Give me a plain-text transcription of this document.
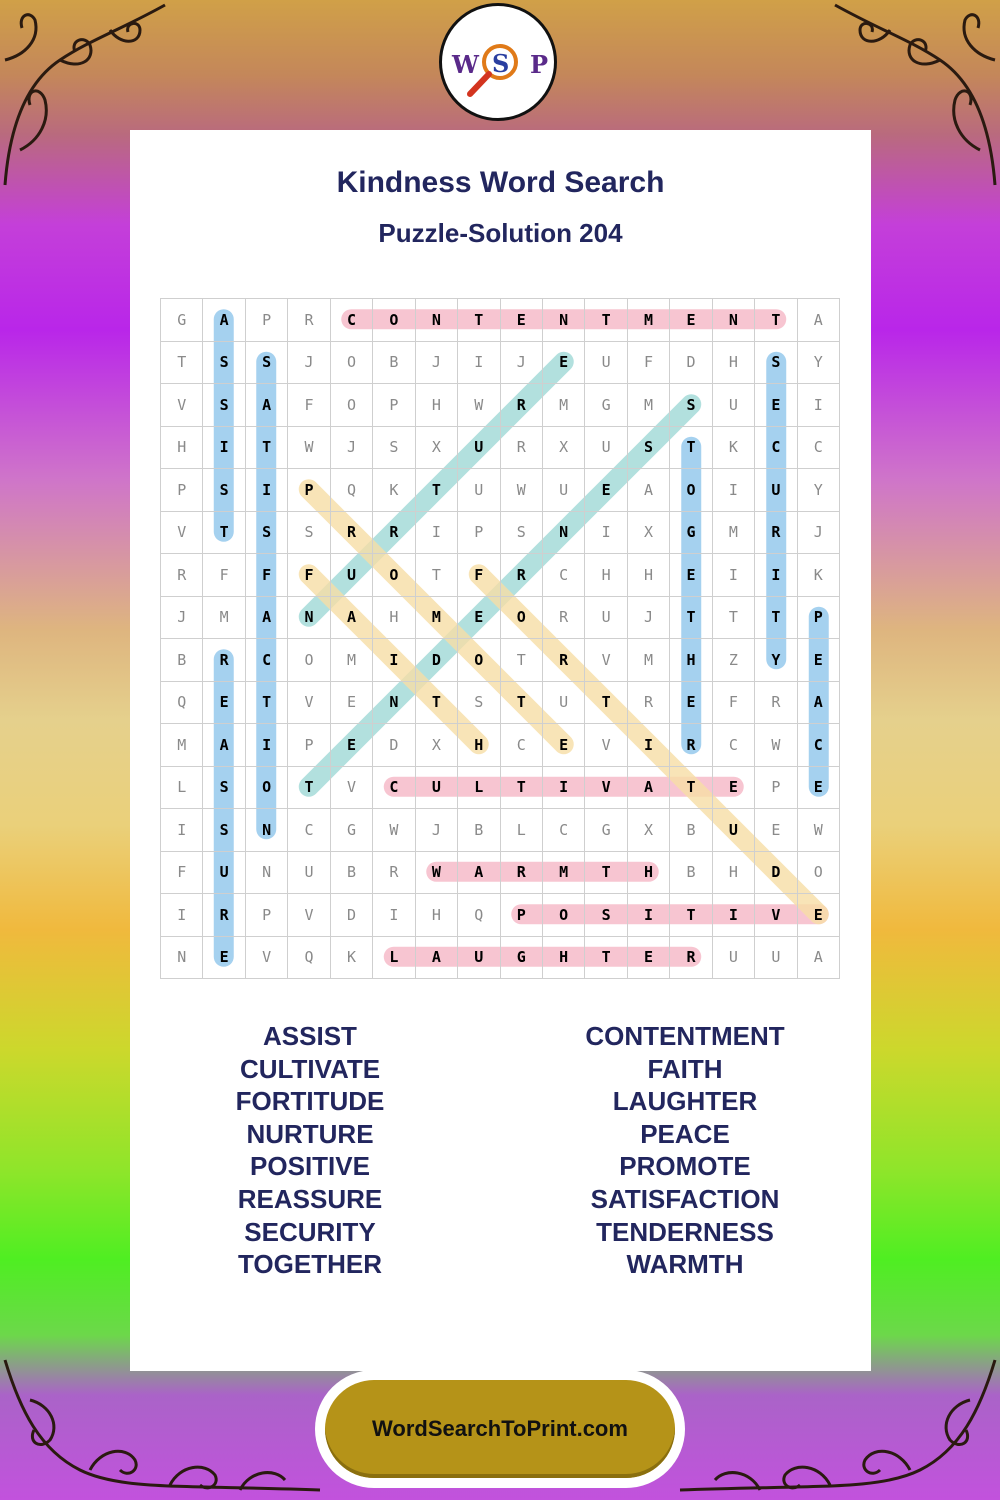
W S P
Kindness Word Search
Puzzle-Solution 204
G	A	P	R	C	O	N	T	E	N	T	M	E	N	T	A
T	S	S	J	O	B	J	I	J	E	U	F	D	H	S	Y
V	S	A	F	O	P	H	W	R	M	G	M	S	U	E	I
H	I	T	W	J	S	X	U	R	X	U	S	T	K	C	C
P	S	I	P	Q	K	T	U	W	U	E	A	O	I	U	Y
V	T	S	S	R	R	I	P	S	N	I	X	G	M	R	J
R	F	F	F	U	O	T	F	R	C	H	H	E	I	I	K
J	M	A	N	A	H	M	E	O	R	U	J	T	T	T	P
B	R	C	O	M	I	D	O	T	R	V	M	H	Z	Y	E
Q	E	T	V	E	N	T	S	T	U	T	R	E	F	R	A
M	A	I	P	E	D	X	H	C	E	V	I	R	C	W	C
L	S	O	T	V	C	U	L	T	I	V	A	T	E	P	E
I	S	N	C	G	W	J	B	L	C	G	X	B	U	E	W
F	U	N	U	B	R	W	A	R	M	T	H	B	H	D	O
I	R	P	V	D	I	H	Q	P	O	S	I	T	I	V	E
N	E	V	Q	K	L	A	U	G	H	T	E	R	U	U	A
ASSIST
CULTIVATE
FORTITUDE
NURTURE
POSITIVE
REASSURE
SECURITY
TOGETHER
CONTENTMENT
FAITH
LAUGHTER
PEACE
PROMOTE
SATISFACTION
TENDERNESS
WARMTH
WordSearchToPrint.com
